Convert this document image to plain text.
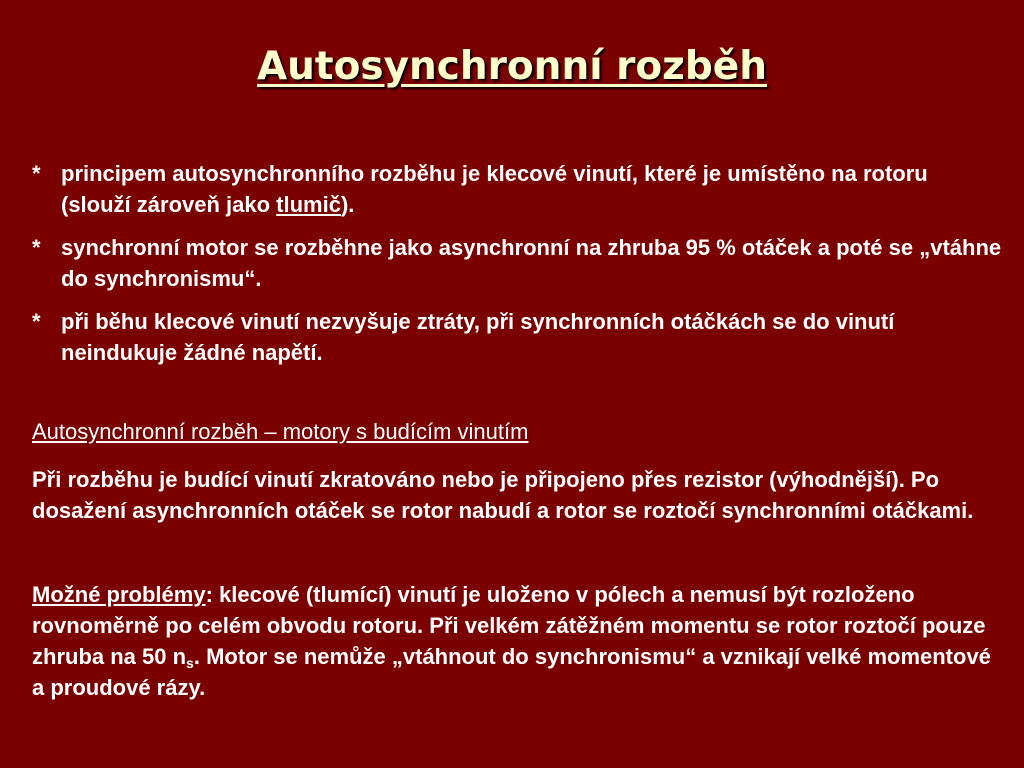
Autosynchronní rozběh
* principem autosynchronního rozběhu je klecové vinutí, které je umístěno na rotoru (slouží zároveň jako tlumič).
* synchronní motor se rozběhne jako asynchronní na zhruba 95 % otáček a poté se „vtáhne do synchronismu“.
* při běhu klecové vinutí nezvyšuje ztráty, při synchronních otáčkách se do vinutí neindukuje žádné napětí.
Autosynchronní rozběh – motory s budícím vinutím
Při rozběhu je budící vinutí zkratováno nebo je připojeno přes rezistor (výhodnější). Po dosažení asynchronních otáček se rotor nabudí a rotor se roztočí synchronními otáčkami.
Možné problémy: klecové (tlumící) vinutí je uloženo v pólech a nemusí být rozloženo rovnoměrně po celém obvodu rotoru. Při velkém zátěžném momentu se rotor roztočí pouze zhruba na 50 $n_s$. Motor se nemůže „vtáhnout do synchronismu“ a vznikají velké momentové a proudové rázy.
